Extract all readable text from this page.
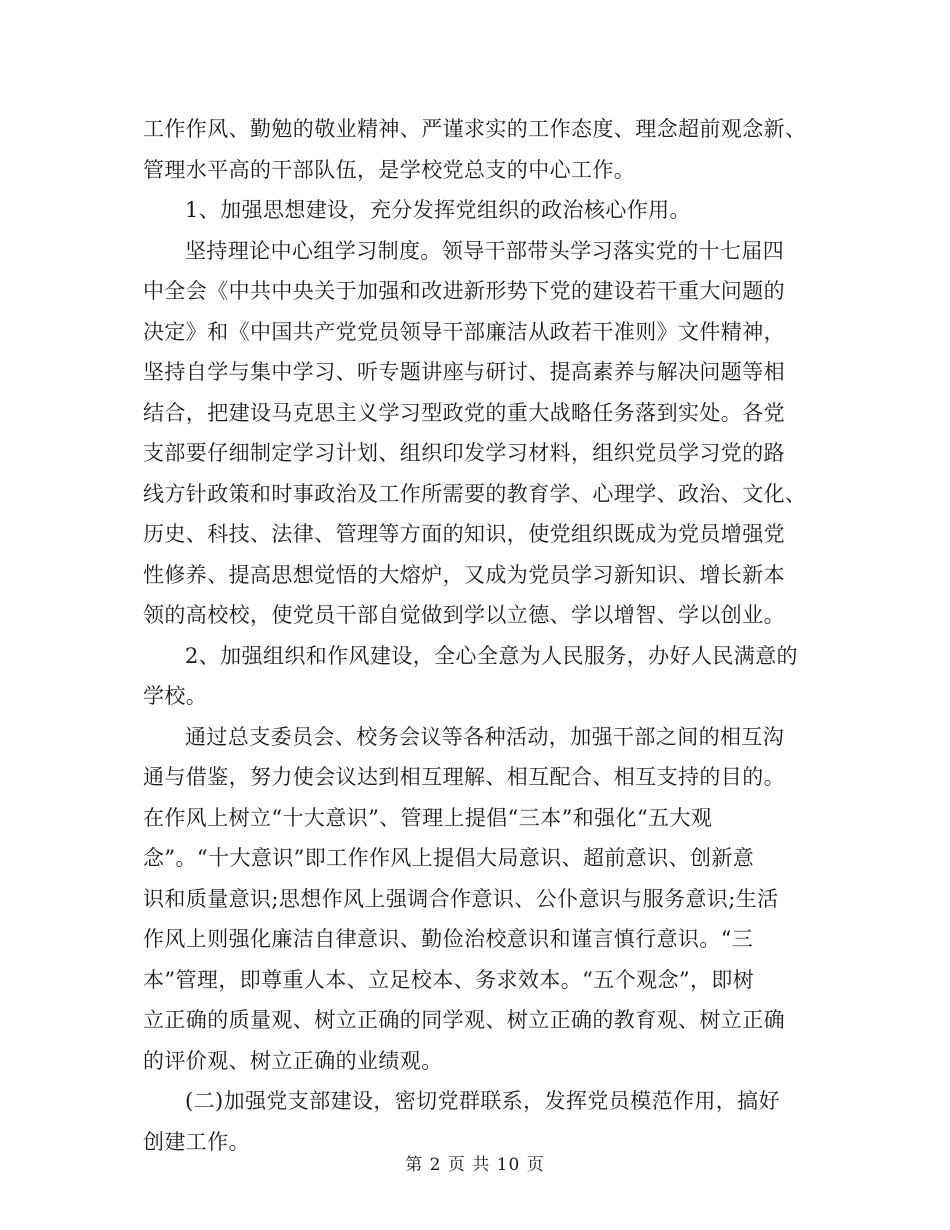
工作作风、勤勉的敬业精神、严谨求实的工作态度、理念超前观念新、
管理水平高的干部队伍，是学校党总支的中心工作。
1、加强思想建设，充分发挥党组织的政治核心作用。
坚持理论中心组学习制度。领导干部带头学习落实党的十七届四
中全会《中共中央关于加强和改进新形势下党的建设若干重大问题的
决定》和《中国共产党党员领导干部廉洁从政若干准则》文件精神，
坚持自学与集中学习、听专题讲座与研讨、提高素养与解决问题等相
结合，把建设马克思主义学习型政党的重大战略任务落到实处。各党
支部要仔细制定学习计划、组织印发学习材料，组织党员学习党的路
线方针政策和时事政治及工作所需要的教育学、心理学、政治、文化、
历史、科技、法律、管理等方面的知识，使党组织既成为党员增强党
性修养、提高思想觉悟的大熔炉，又成为党员学习新知识、增长新本
领的高校校，使党员干部自觉做到学以立德、学以增智、学以创业。
2、加强组织和作风建设，全心全意为人民服务，办好人民满意的
学校。
通过总支委员会、校务会议等各种活动，加强干部之间的相互沟
通与借鉴，努力使会议达到相互理解、相互配合、相互支持的目的。
在作风上树立“十大意识”、管理上提倡“三本”和强化“五大观
念”。“十大意识”即工作作风上提倡大局意识、超前意识、创新意
识和质量意识;思想作风上强调合作意识、公仆意识与服务意识;生活
作风上则强化廉洁自律意识、勤俭治校意识和谨言慎行意识。“三
本”管理，即尊重人本、立足校本、务求效本。“五个观念”，即树
立正确的质量观、树立正确的同学观、树立正确的教育观、树立正确
的评价观、树立正确的业绩观。
(二)加强党支部建设，密切党群联系，发挥党员模范作用，搞好
创建工作。
第 2 页 共 10 页
